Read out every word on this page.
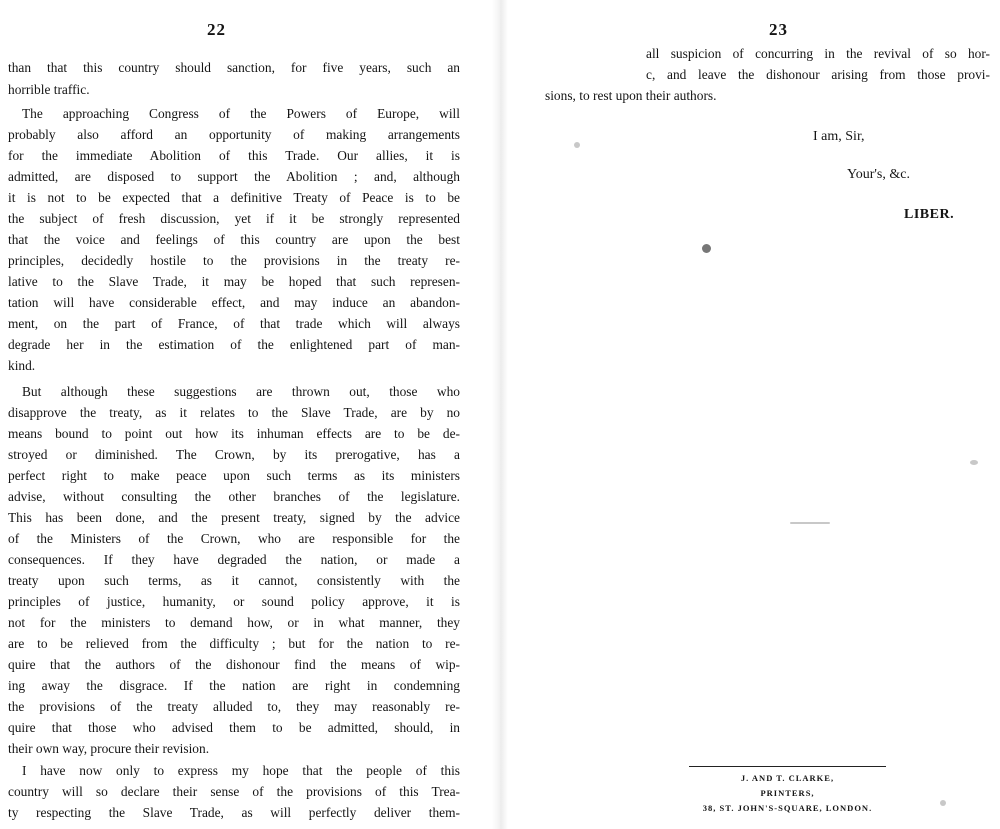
22
than that this country should sanction, for five years, such an
horrible traffic.
The approaching Congress of the Powers of Europe, will
probably also afford an opportunity of making arrangements
for the immediate Abolition of this Trade. Our allies, it is
admitted, are disposed to support the Abolition ; and, although
it is not to be expected that a definitive Treaty of Peace is to be
the subject of fresh discussion, yet if it be strongly represented
that the voice and feelings of this country are upon the best
principles, decidedly hostile to the provisions in the treaty re-
lative to the Slave Trade, it may be hoped that such represen-
tation will have considerable effect, and may induce an abandon-
ment, on the part of France, of that trade which will always
degrade her in the estimation of the enlightened part of man-
kind.
But although these suggestions are thrown out, those who
disapprove the treaty, as it relates to the Slave Trade, are by no
means bound to point out how its inhuman effects are to be de-
stroyed or diminished. The Crown, by its prerogative, has a
perfect right to make peace upon such terms as its ministers
advise, without consulting the other branches of the legislature.
This has been done, and the present treaty, signed by the advice
of the Ministers of the Crown, who are responsible for the
consequences. If they have degraded the nation, or made a
treaty upon such terms, as it cannot, consistently with the
principles of justice, humanity, or sound policy approve, it is
not for the ministers to demand how, or in what manner, they
are to be relieved from the difficulty ; but for the nation to re-
quire that the authors of the dishonour find the means of wip-
ing away the disgrace. If the nation are right in condemning
the provisions of the treaty alluded to, they may reasonably re-
quire that those who advised them to be admitted, should, in
their own way, procure their revision.
I have now only to express my hope that the people of this
country will so declare their sense of the provisions of this Trea-
ty respecting the Slave Trade, as will perfectly deliver them-
23
all suspicion of concurring in the revival of so hor-
c, and leave the dishonour arising from those provi-
sions, to rest upon their authors.
I am, Sir,
Your's, &c.
LIBER.
J. AND T. CLARKE,
PRINTERS,
38, ST. JOHN'S-SQUARE, LONDON.
